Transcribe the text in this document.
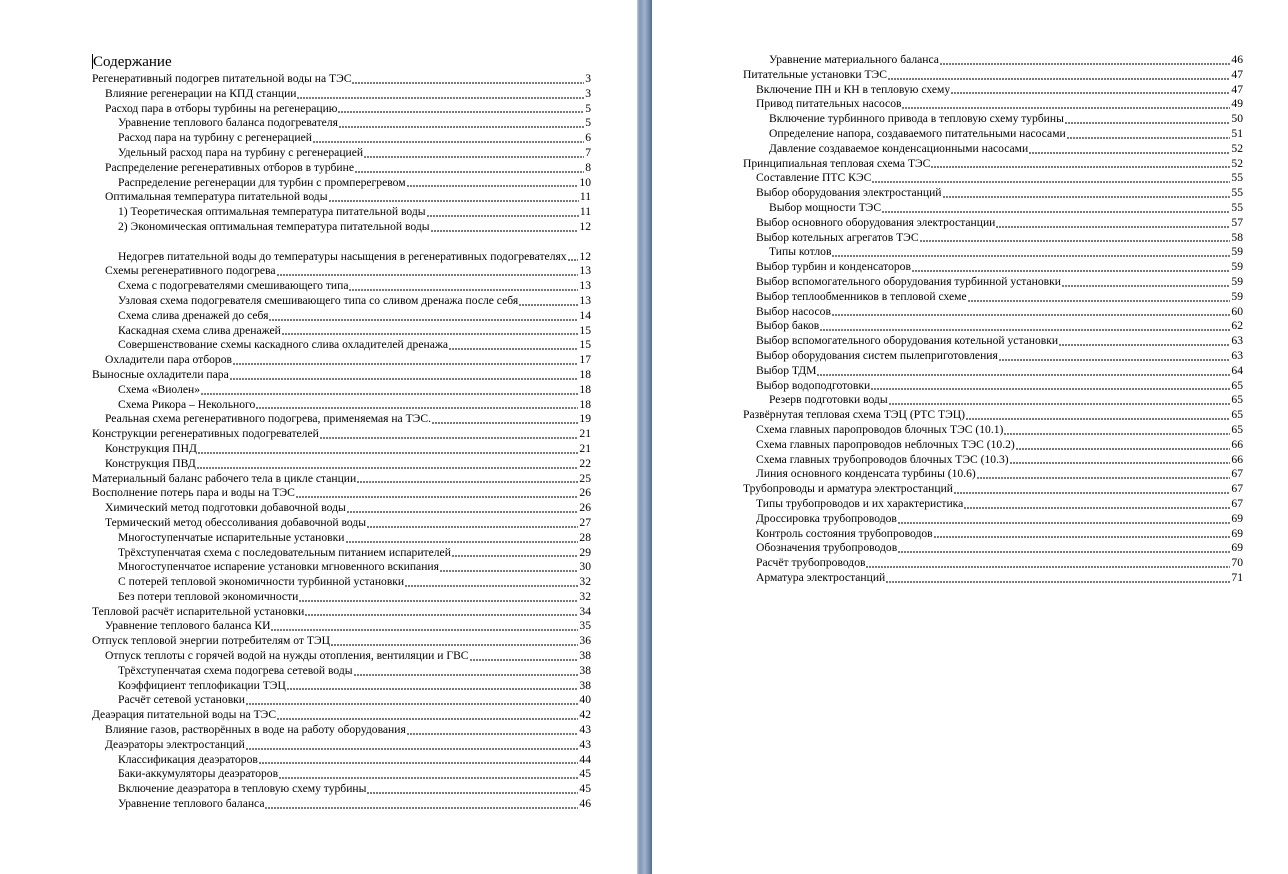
Содержание
Регенеративный подогрев питательной воды на ТЭС	3
Влияние регенерации на КПД станции	3
Расход пара в отборы турбины на регенерацию	5
Уравнение теплового баланса подогревателя	5
Расход пара на турбину с регенерацией	6
Удельный расход пара на турбину с регенерацией	7
Распределение регенеративных отборов в турбине	8
Распределение регенерации для турбин с промперегревом	10
Оптимальная температура питательной воды	11
1) Теоретическая оптимальная температура питательной воды	11
2) Экономическая оптимальная температура питательной воды	12
Недогрев питательной воды до температуры насыщения в регенеративных подогревателях 12
Схемы регенеративного подогрева	13
Схема с подогревателями смешивающего типа	13
Узловая схема подогревателя смешивающего типа со сливом дренажа после себя	13
Схема слива дренажей до себя	14
Каскадная схема слива дренажей	15
Совершенствование схемы каскадного слива охладителей дренажа	15
Охладители пара отборов	17
Выносные охладители пара	18
Схема «Виолен»	18
Схема Рикора – Некольного	18
Реальная схема регенеративного подогрева, применяемая на ТЭС.	19
Конструкции регенеративных подогревателей	21
Конструкция ПНД	21
Конструкция ПВД	22
Материальный баланс рабочего тела в цикле станции	25
Восполнение потерь пара и воды на ТЭС	26
Химический метод подготовки добавочной воды	26
Термический метод обессоливания добавочной воды	27
Многоступенчатые испарительные установки	28
Трёхступенчатая схема с последовательным питанием испарителей	29
Многоступенчатое испарение установки мгновенного вскипания	30
С потерей тепловой экономичности турбинной установки	32
Без потери тепловой экономичности	32
Тепловой расчёт испарительной установки	34
Уравнение теплового баланса КИ	35
Отпуск тепловой энергии потребителям от ТЭЦ	36
Отпуск теплоты с горячей водой на нужды отопления, вентиляции и ГВС	38
Трёхступенчатая схема подогрева сетевой воды	38
Коэффициент теплофикации ТЭЦ	38
Расчёт сетевой установки	40
Деаэрация питательной воды на ТЭС	42
Влияние газов, растворённых в воде на работу оборудования	43
Деаэраторы электростанций	43
Классификация деаэраторов	44
Баки-аккумуляторы деаэраторов	45
Включение деаэратора в тепловую схему турбины	45
Уравнение теплового баланса	46
Уравнение материального баланса	46
Питательные установки ТЭС	47
Включение ПН и КН в тепловую схему	47
Привод питательных насосов	49
Включение турбинного привода в тепловую схему турбины	50
Определение напора, создаваемого питательными насосами	51
Давление создаваемое конденсационными насосами	52
Принципиальная тепловая схема ТЭС	52
Составление ПТС КЭС	55
Выбор оборудования электростанций	55
Выбор мощности ТЭС	55
Выбор основного оборудования электростанции	57
Выбор котельных агрегатов ТЭС	58
Типы котлов	59
Выбор турбин и конденсаторов	59
Выбор вспомогательного оборудования турбинной установки	59
Выбор теплообменников в тепловой схеме	59
Выбор насосов	60
Выбор баков	62
Выбор вспомогательного оборудования котельной установки	63
Выбор оборудования систем пылеприготовления	63
Выбор ТДМ	64
Выбор водоподготовки	65
Резерв подготовки воды	65
Развёрнутая тепловая схема ТЭЦ (РТС ТЭЦ)	65
Схема главных паропроводов блочных ТЭС (10.1)	65
Схема главных паропроводов неблочных ТЭС (10.2)	66
Схема главных трубопроводов блочных ТЭС (10.3)	66
Линия основного конденсата турбины (10.6)	67
Трубопроводы и арматура электростанций	67
Типы трубопроводов и их характеристика	67
Дроссировка трубопроводов	69
Контроль состояния трубопроводов	69
Обозначения трубопроводов	69
Расчёт трубопроводов	70
Арматура электростанций	71
